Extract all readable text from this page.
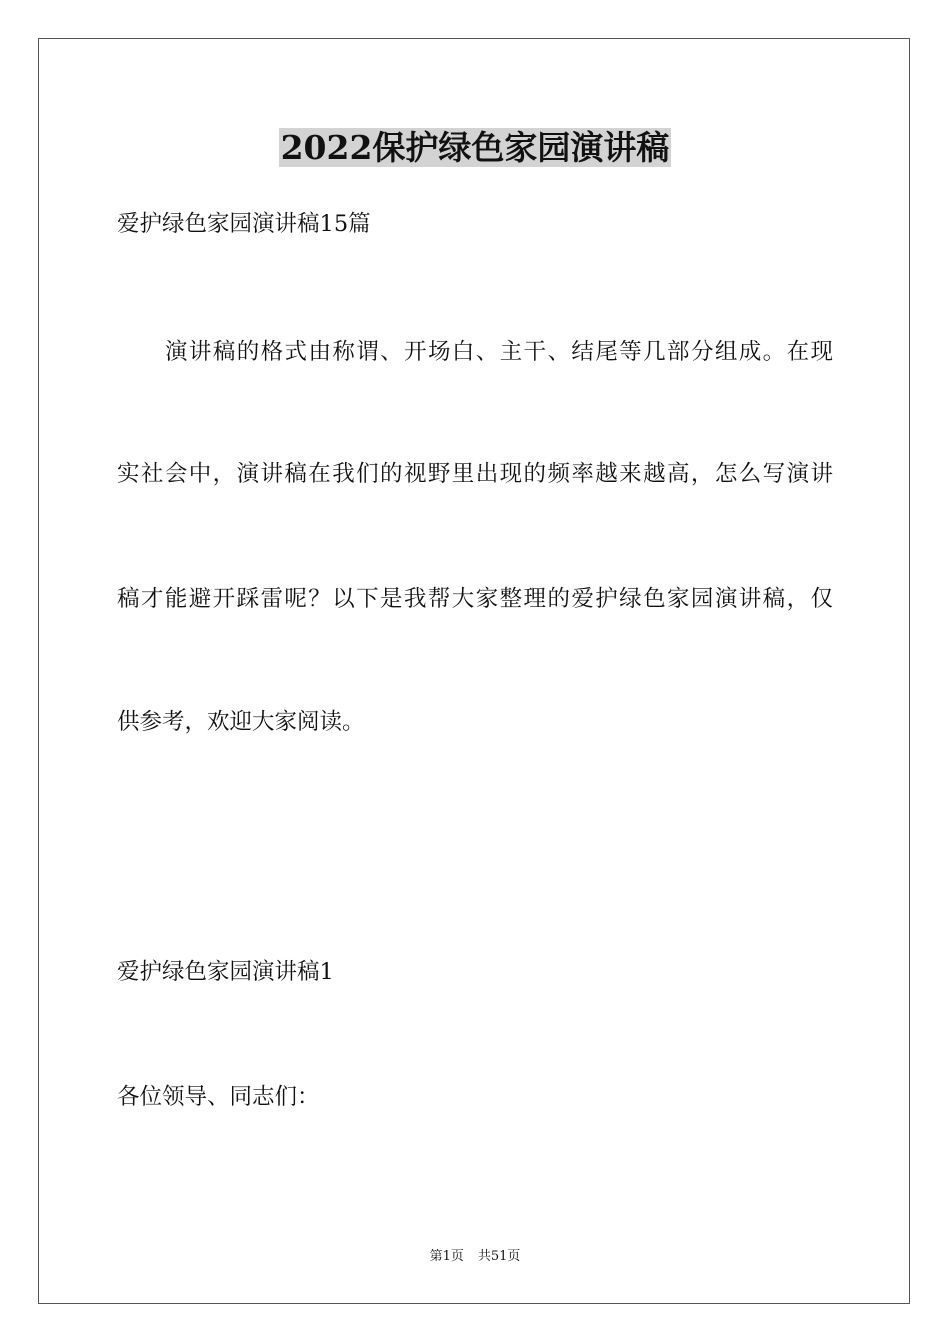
2022保护绿色家园演讲稿
爱护绿色家园演讲稿15篇
演讲稿的格式由称谓、开场白、主干、结尾等几部分组成。在现
实社会中，演讲稿在我们的视野里出现的频率越来越高，怎么写演讲
稿才能避开踩雷呢？以下是我帮大家整理的爱护绿色家园演讲稿，仅
供参考，欢迎大家阅读。
爱护绿色家园演讲稿1
各位领导、同志们：
第1页 共51页
